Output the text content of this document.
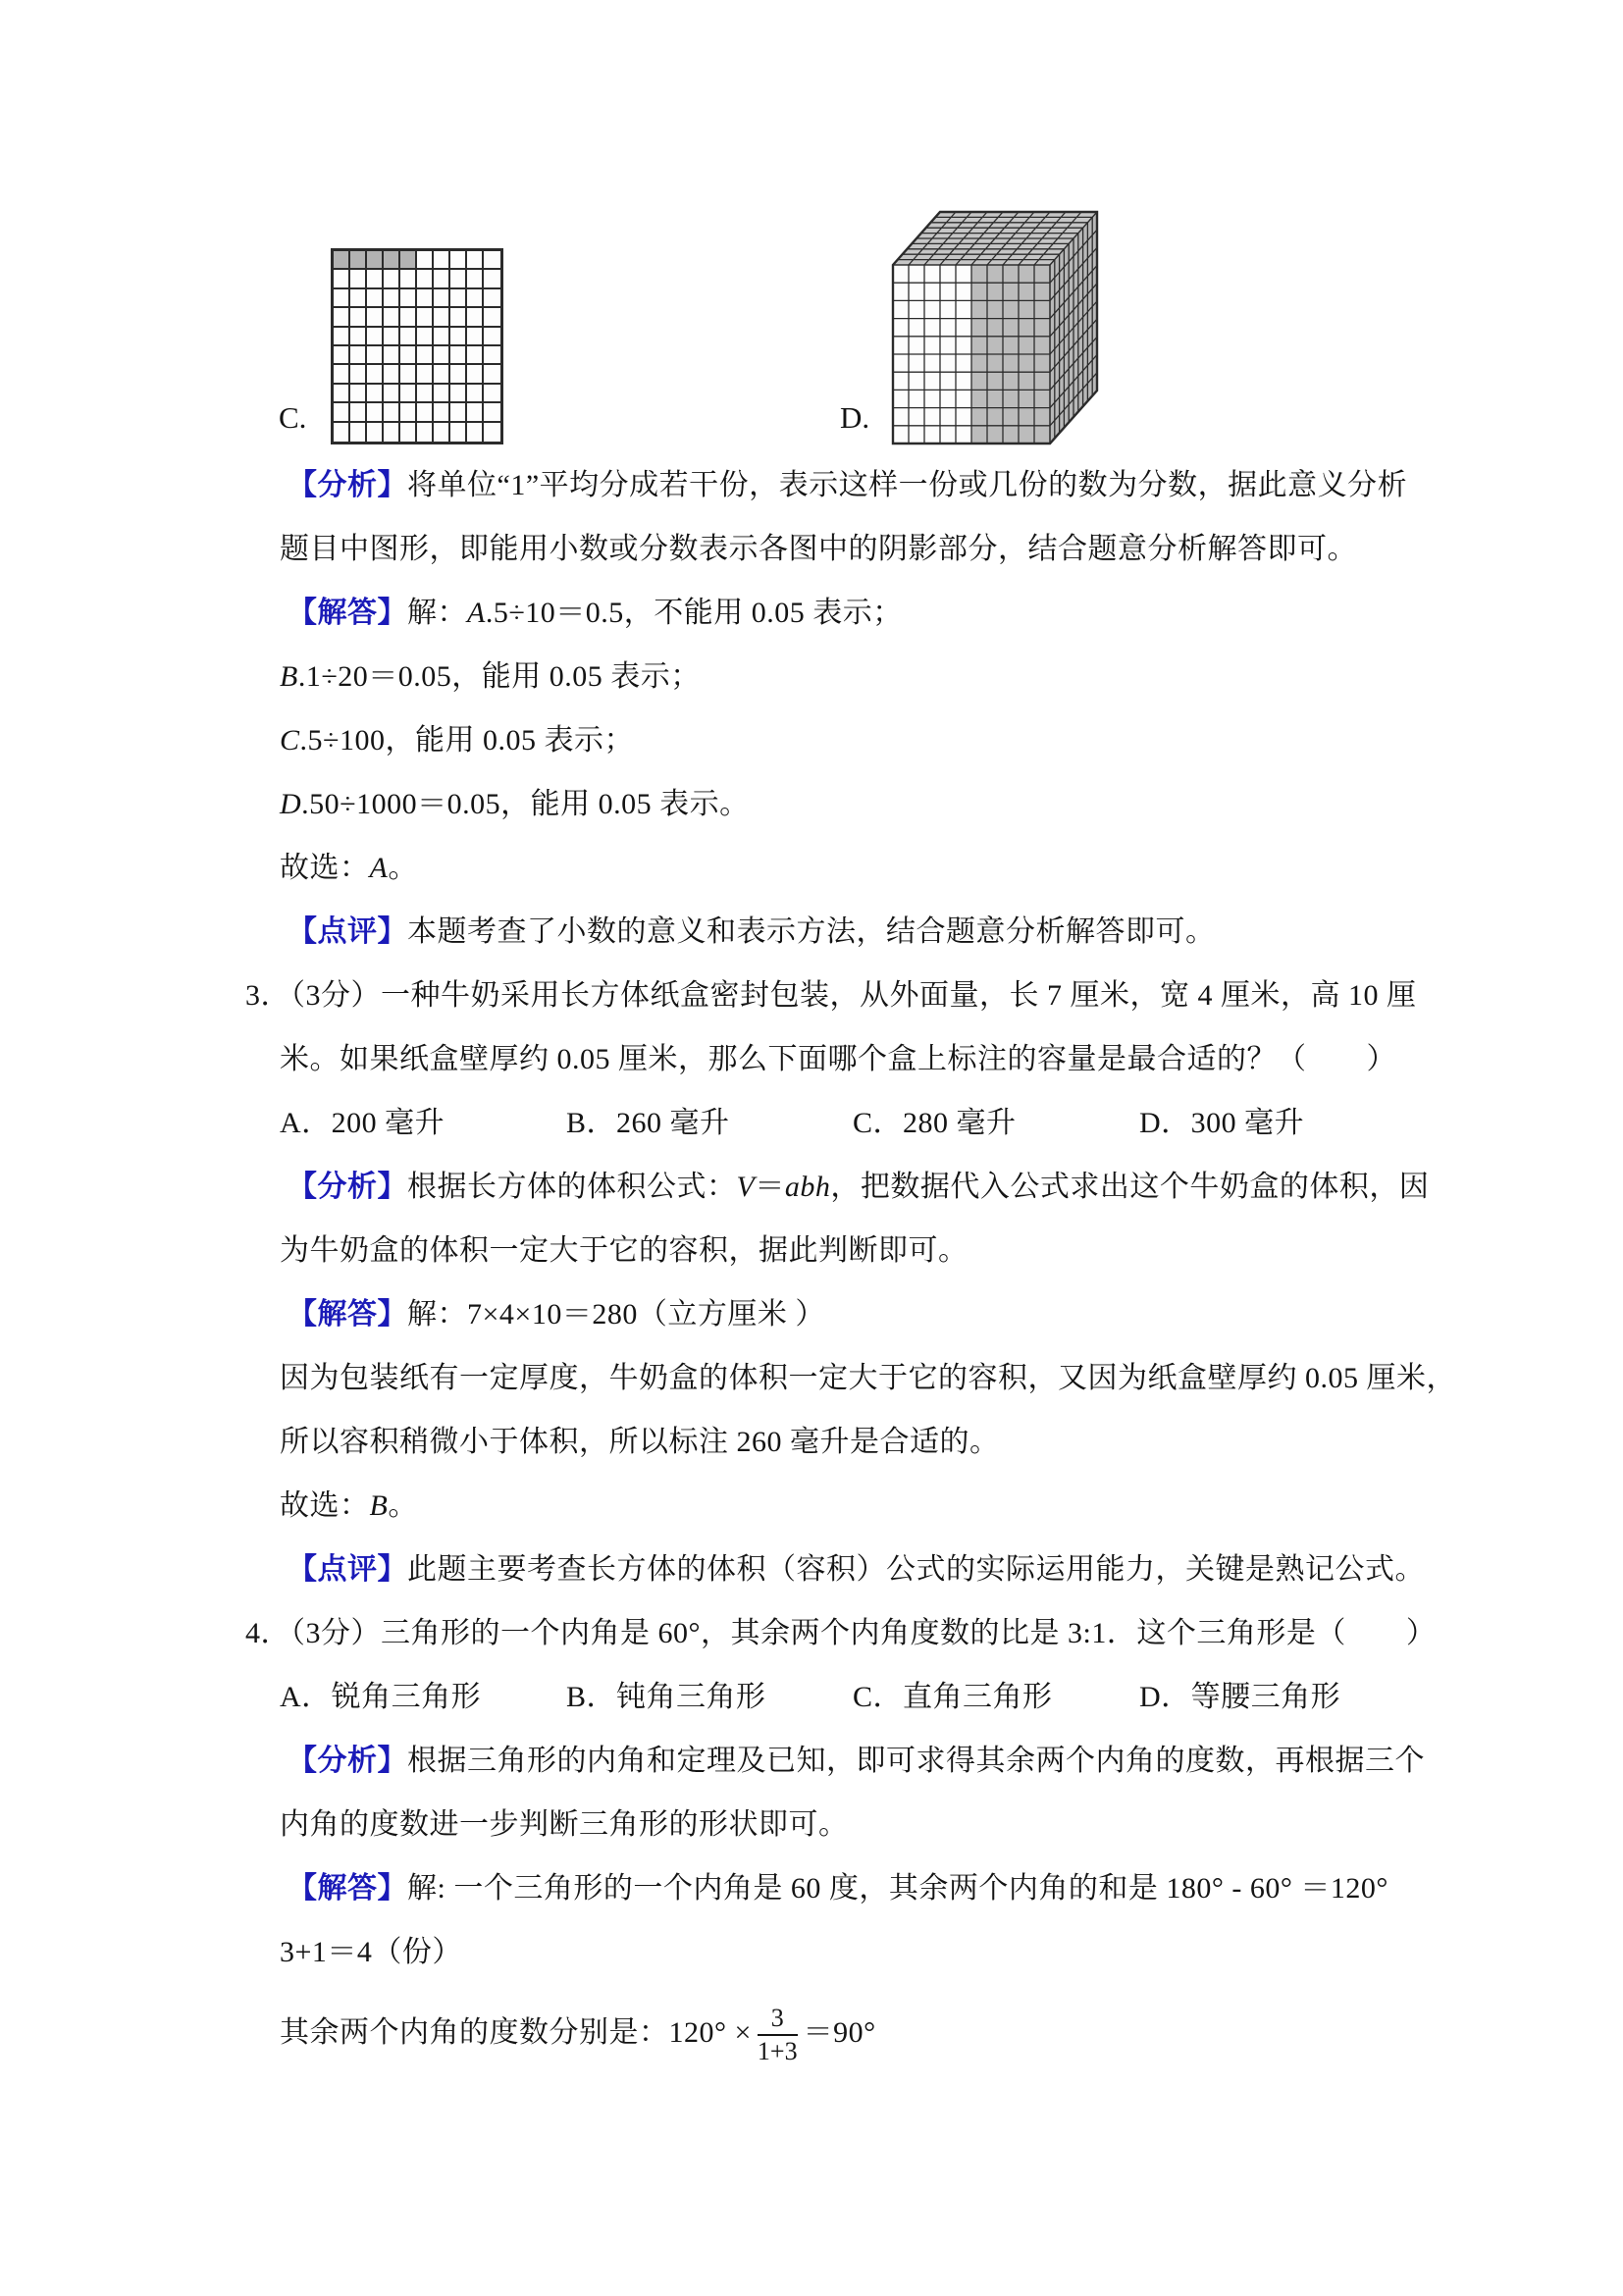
C.	D.
【分析】将单位“1”平均分成若干份，表示这样一份或几份的数为分数，据此意义分析
题目中图形，即能用小数或分数表示各图中的阴影部分，结合题意分析解答即可。
【解答】解：A.5÷10＝0.5，不能用 0.05 表示；
B.1÷20＝0.05，能用 0.05 表示；
C.5÷100，能用 0.05 表示；
D.50÷1000＝0.05，能用 0.05 表示。
故选：A。
【点评】本题考查了小数的意义和表示方法，结合题意分析解答即可。
3．（3分）一种牛奶采用长方体纸盒密封包装，从外面量，长 7 厘米，宽 4 厘米，高 10 厘
米。如果纸盒壁厚约 0.05 厘米，那么下面哪个盒上标注的容量是最合适的？（　　）
A．200 毫升	B．260 毫升	C．280 毫升	D．300 毫升
【分析】根据长方体的体积公式：V＝abh，把数据代入公式求出这个牛奶盒的体积，因
为牛奶盒的体积一定大于它的容积，据此判断即可。
【解答】解：7×4×10＝280（立方厘米 ）
因为包装纸有一定厚度，牛奶盒的体积一定大于它的容积，又因为纸盒壁厚约 0.05 厘米，
所以容积稍微小于体积，所以标注 260 毫升是合适的。
故选：B。
【点评】此题主要考查长方体的体积（容积）公式的实际运用能力，关键是熟记公式。
4．（3分）三角形的一个内角是 60°，其余两个内角度数的比是 3:1．这个三角形是（　　）
A．锐角三角形	B．钝角三角形	C．直角三角形	D．等腰三角形
【分析】根据三角形的内角和定理及已知，即可求得其余两个内角的度数，再根据三个
内角的度数进一步判断三角形的形状即可。
【解答】解: 一个三角形的一个内角是 60 度，其余两个内角的和是 180° - 60° ＝120°
3+1＝4（份）
其余两个内角的度数分别是：$120^\circ \times \frac{3}{1+3} =90^\circ$
